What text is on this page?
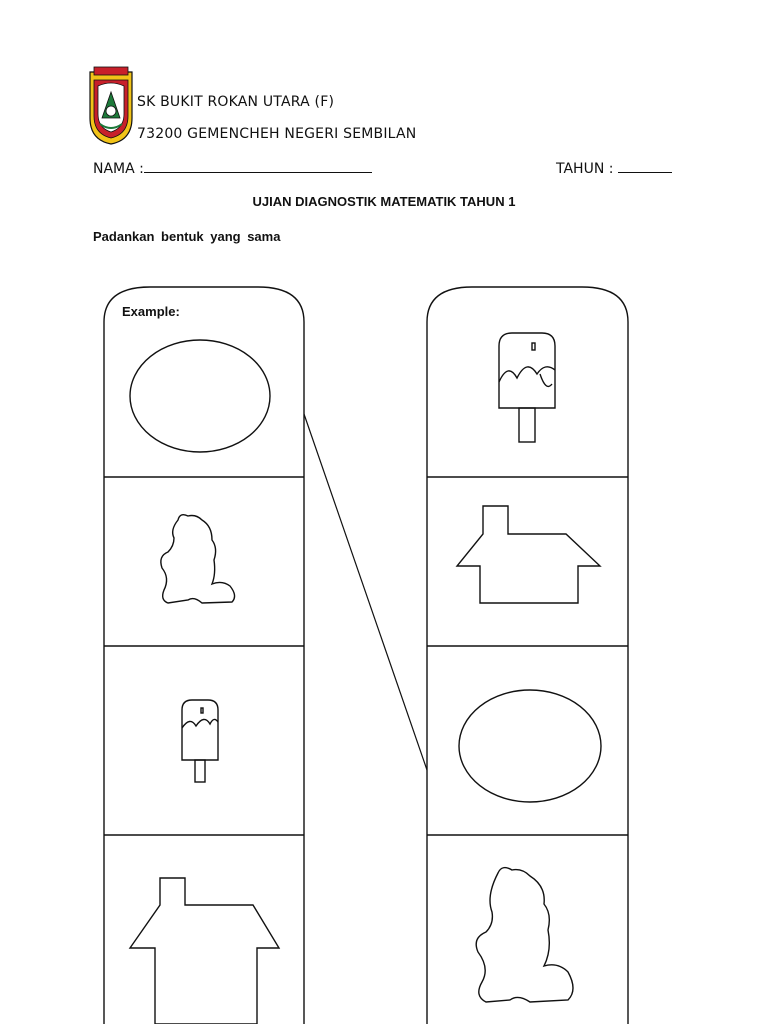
SK BUKIT ROKAN UTARA (F)
73200 GEMENCHEH NEGERI SEMBILAN
NAMA :	TAHUN :
UJIAN DIAGNOSTIK MATEMATIK TAHUN 1
Padankan bentuk yang sama
Example:
